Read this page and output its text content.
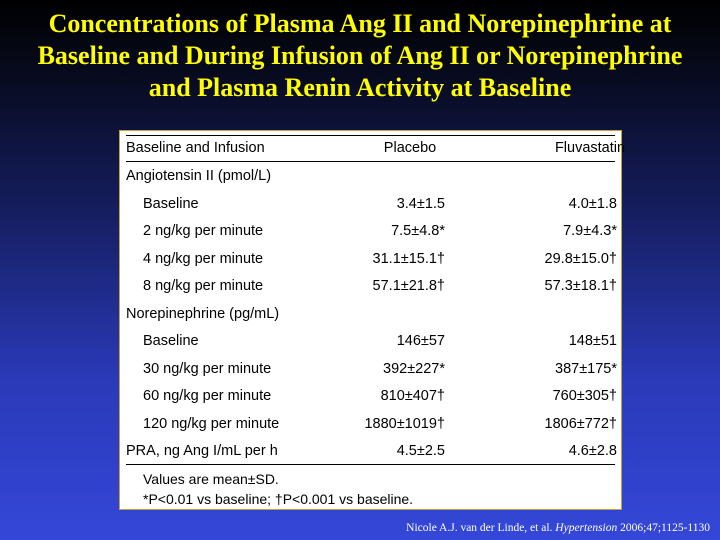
Concentrations of Plasma Ang II and Norepinephrine at
Baseline and During Infusion of Ang II or Norepinephrine
and Plasma Renin Activity at Baseline
Baseline and Infusion	Placebo	Fluvastatin
Angiotensin II (pmol/L)
Baseline	3.4±1.5	4.0±1.8
2 ng/kg per minute	7.5±4.8*	7.9±4.3*
4 ng/kg per minute	31.1±15.1†	29.8±15.0†
8 ng/kg per minute	57.1±21.8†	57.3±18.1†
Norepinephrine (pg/mL)
Baseline	146±57	148±51
30 ng/kg per minute	392±227*	387±175*
60 ng/kg per minute	810±407†	760±305†
120 ng/kg per minute	1880±1019†	1806±772†
PRA, ng Ang I/mL per h	4.5±2.5	4.6±2.8
Values are mean±SD.
*P<0.01 vs baseline; †P<0.001 vs baseline.
Nicole A.J. van der Linde, et al. Hypertension 2006;47;1125-1130
